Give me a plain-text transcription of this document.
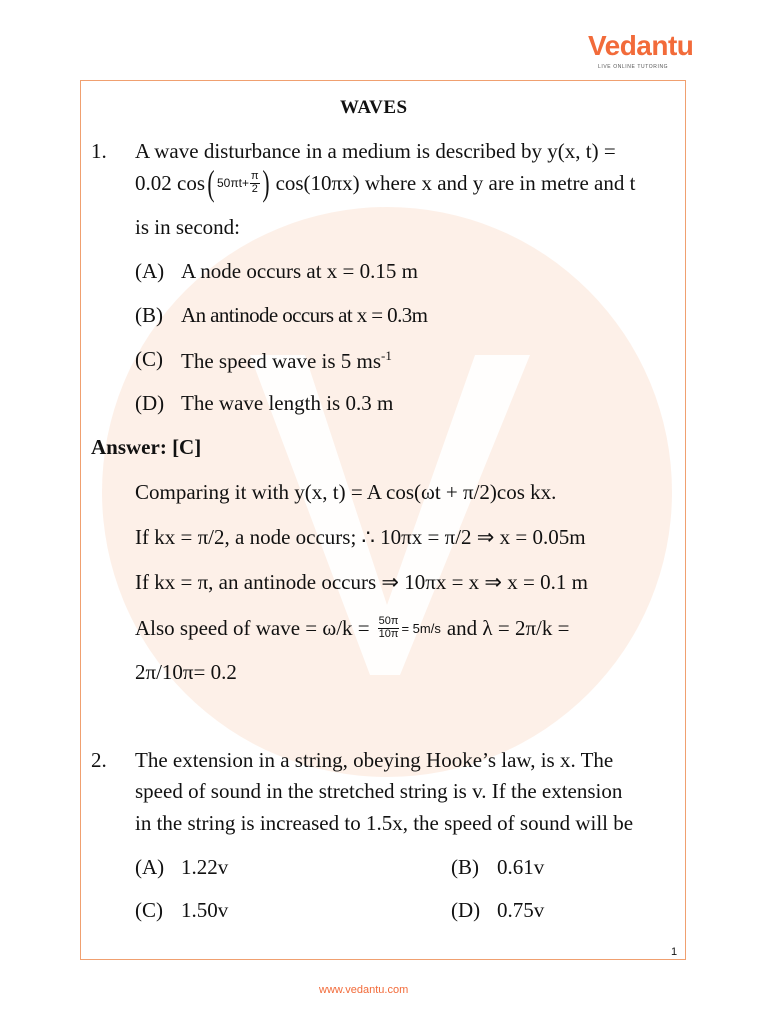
Vedantu
LIVE ONLINE TUTORING
WAVES
1. A wave disturbance in a medium is described by y(x, t) =
0.02 cos ( $50\pi t+ \frac{\pi}{2}$ ) cos(10πx) where x and y are in metre and t
is in second:
(A) A node occurs at x = 0.15 m
(B) An antinode occurs at x = 0.3m
(C) The speed wave is 5 $ms^{-1}$
(D) The wave length is 0.3 m
Answer: [C]
Comparing it with y(x, t) = A cos(ωt + π/2)cos kx.
If kx = π/2, a node occurs; ∴ 10πx = π/2 ⇒ x = 0.05m
If kx = π, an antinode occurs ⇒ 10πx = x ⇒ x = 0.1 m
Also speed of wave = $\omega/k = \frac{50\pi}{10\pi} = 5m/s$ and λ = 2π/k =
2π/10π= 0.2
2. The extension in a string, obeying Hooke’s law, is x. The
speed of sound in the stretched string is v. If the extension
in the string is increased to 1.5x, the speed of sound will be
(A) 1.22v	(B) 0.61v
(C) 1.50v	(D) 0.75v
1
www.vedantu.com
